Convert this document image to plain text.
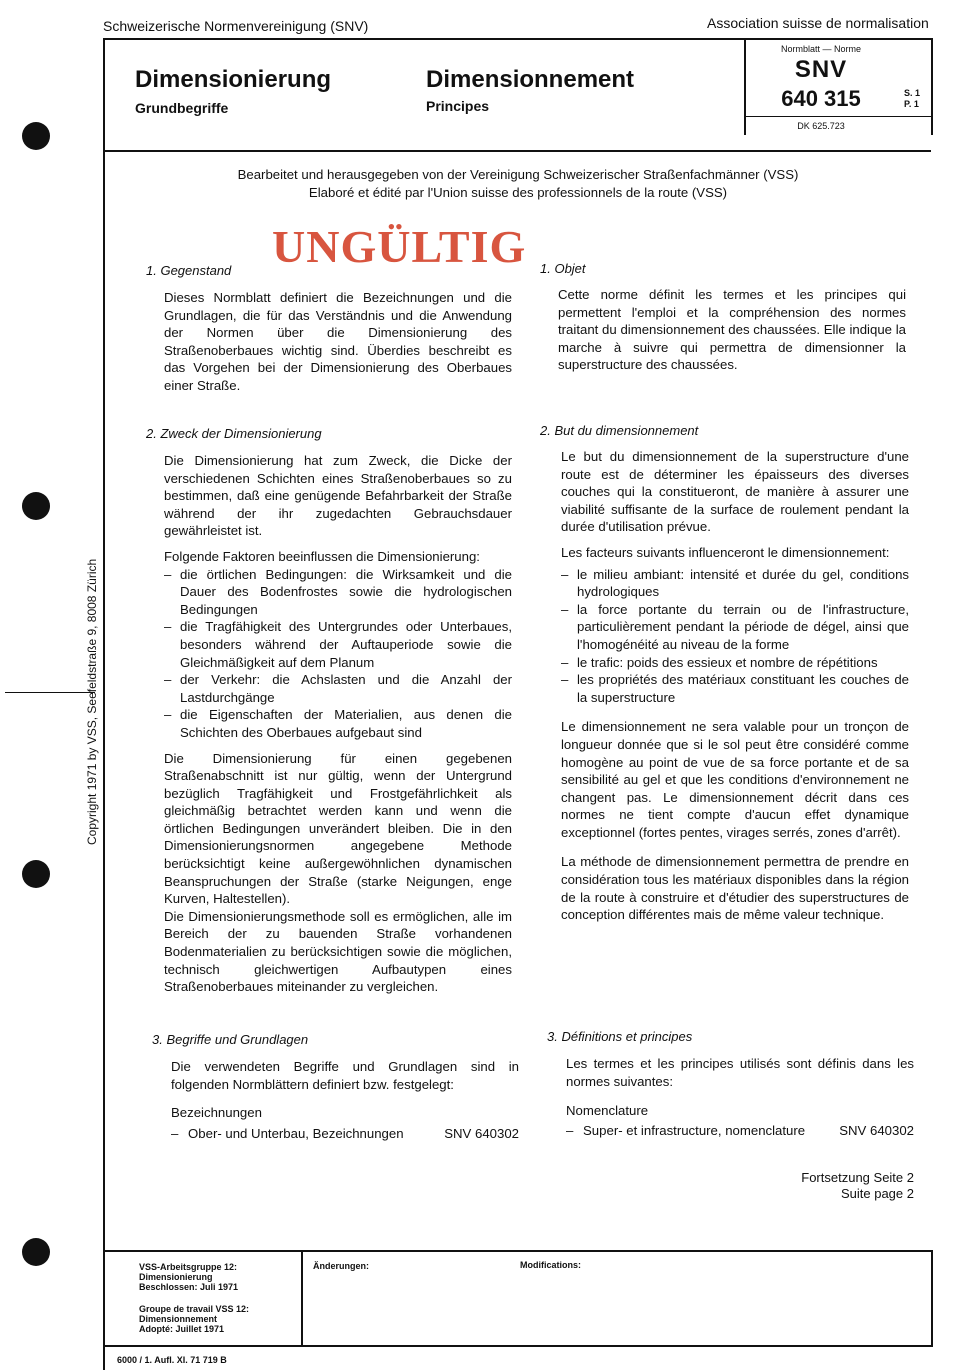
Schweizerische Normenvereinigung (SNV)	Association suisse de normalisation
Dimensionierung
Grundbegriffe
Dimensionnement
Principes
Normblatt — Norme
SNV
640 315	S. 1
P. 1
DK 625.723
Bearbeitet und herausgegeben von der Vereinigung Schweizerischer Straßenfachmänner (VSS)
Elaboré et édité par l'Union suisse des professionnels de la route (VSS)
UNGÜLTIG
Copyright 1971 by VSS, Seefeldstraße 9, 8008 Zürich
1. Gegenstand
Dieses Normblatt definiert die Bezeichnungen und die Grundlagen, die für das Verständnis und die Anwendung der Normen über die Dimensionierung des Straßenoberbaues wichtig sind. Überdies beschreibt es das Vorgehen bei der Dimensionierung des Oberbaues einer Straße.
2. Zweck der Dimensionierung

Die Dimensionierung hat zum Zweck, die Dicke der verschiedenen Schichten eines Straßenoberbaues so zu bestimmen, daß eine genügende Befahrbarkeit der Straße während der ihr zugedachten Gebrauchsdauer gewährleistet ist.

Folgende Faktoren beeinflussen die Dimensionierung:

– die örtlichen Bedingungen: die Wirksamkeit und die Dauer des Bodenfrostes sowie die hydrologischen Bedingungen
– die Tragfähigkeit des Untergrundes oder Unterbaues, besonders während der Auftauperiode sowie die Gleichmäßigkeit auf dem Planum
– der Verkehr: die Achslasten und die Anzahl der Lastdurchgänge
– die Eigenschaften der Materialien, aus denen die Schichten des Oberbaues aufgebaut sind

Die Dimensionierung für einen gegebenen Straßenabschnitt ist nur gültig, wenn der Untergrund bezüglich Tragfähigkeit und Frostgefährlichkeit als gleichmäßig betrachtet werden kann und wenn die örtlichen Bedingungen unverändert bleiben. Die in den Dimensionierungsnormen angegebene Methode berücksichtigt keine außergewöhnlichen dynamischen Beanspruchungen der Straße (starke Neigungen, enge Kurven, Haltestellen).

Die Dimensionierungsmethode soll es ermöglichen, alle im Bereich der zu bauenden Straße vorhandenen Bodenmaterialien zu berücksichtigen sowie die möglichen, technisch gleichwertigen Aufbautypen eines Straßenoberbaues miteinander zu vergleichen.

3. Begriffe und Grundlagen
Die verwendeten Begriffe und Grundlagen sind in folgenden Normblättern definiert bzw. festgelegt:
Bezeichnungen
– Ober- und Unterbau, Bezeichnungen	SNV 640302
1. Objet
Cette norme définit les termes et les principes qui permettent l'emploi et la compréhension des normes traitant du dimensionnement des chaussées. Elle indique la marche à suivre qui permettra de dimensionner la superstructure des chaussées.
2. But du dimensionnement

Le but du dimensionnement de la superstructure d'une route est de déterminer les épaisseurs des diverses couches qui la constitueront, de manière à assurer une viabilité suffisante de la surface de roulement pendant la durée d'utilisation prévue.

Les facteurs suivants influenceront le dimensionnement:

– le milieu ambiant: intensité et durée du gel, conditions hydrologiques
– la force portante du terrain ou de l'infrastructure, particulièrement pendant la période de dégel, ainsi que l'homogénéité au niveau de la forme
– le trafic: poids des essieux et nombre de répétitions
– les propriétés des matériaux constituant les couches de la superstructure

Le dimensionnement ne sera valable pour un tronçon de longueur donnée que si le sol peut être considéré comme homogène au point de vue de sa force portante et de sa sensibilité au gel et que les conditions d'environnement ne changent pas. Le dimensionnement décrit dans ces normes ne tient compte d'aucun effet dynamique exceptionnel (fortes pentes, virages serrés, zones d'arrêt).

La méthode de dimensionnement permettra de prendre en considération tous les matériaux disponibles dans la région de la route à construire et d'étudier des superstructures de conception différentes mais de même valeur technique.

3. Définitions et principes
Les termes et les principes utilisés sont définis dans les normes suivantes:
Nomenclature
– Super- et infrastructure, nomenclature	SNV 640302
Fortsetzung Seite 2
Suite page 2
VSS-Arbeitsgruppe 12:
Dimensionierung
Beschlossen: Juli 1971
Groupe de travail VSS 12:
Dimensionnement
Adopté: Juillet 1971
Änderungen:	Modifications:
6000 / 1. Aufl. XI. 71 719 B
